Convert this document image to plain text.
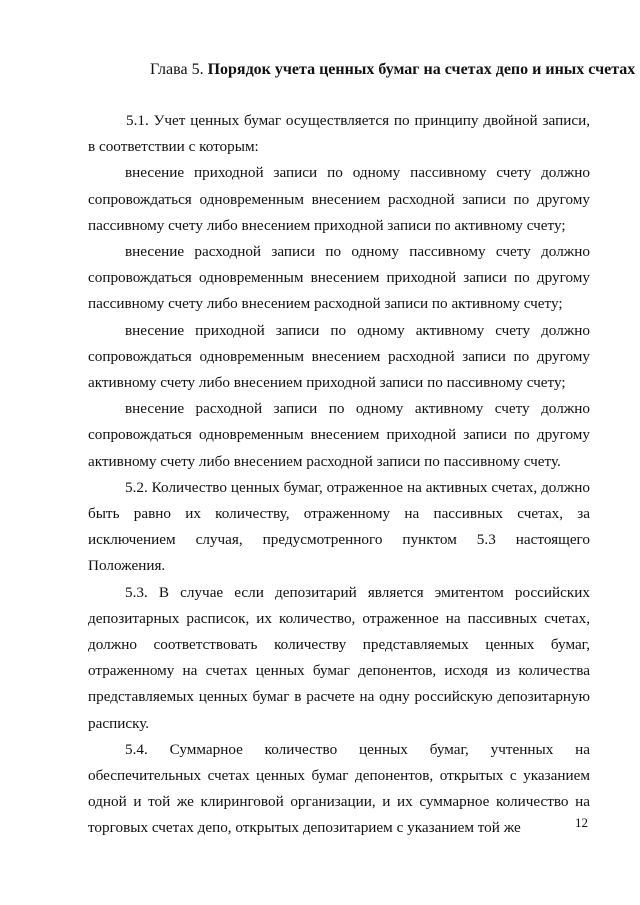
Глава 5. Порядок учета ценных бумаг на счетах депо и иных счетах

5.1. Учет ценных бумаг осуществляется по принципу двойной записи, в соответствии с которым:

внесение приходной записи по одному пассивному счету должно сопровождаться одновременным внесением расходной записи по другому пассивному счету либо внесением приходной записи по активному счету;

внесение расходной записи по одному пассивному счету должно сопровождаться одновременным внесением приходной записи по другому пассивному счету либо внесением расходной записи по активному счету;

внесение приходной записи по одному активному счету должно сопровождаться одновременным внесением расходной записи по другому активному счету либо внесением приходной записи по пассивному счету;

внесение расходной записи по одному активному счету должно сопровождаться одновременным внесением приходной записи по другому активному счету либо внесением расходной записи по пассивному счету.

5.2. Количество ценных бумаг, отраженное на активных счетах, должно быть равно их количеству, отраженному на пассивных счетах, за исключением случая, предусмотренного пунктом 5.3 настоящего Положения.

5.3. В случае если депозитарий является эмитентом российских депозитарных расписок, их количество, отраженное на пассивных счетах, должно соответствовать количеству представляемых ценных бумаг, отраженному на счетах ценных бумаг депонентов, исходя из количества представляемых ценных бумаг в расчете на одну российскую депозитарную расписку.

5.4. Суммарное количество ценных бумаг, учтенных на обеспечительных счетах ценных бумаг депонентов, открытых с указанием одной и той же клиринговой организации, и их суммарное количество на торговых счетах депо, открытых депозитарием с указанием той же	12
